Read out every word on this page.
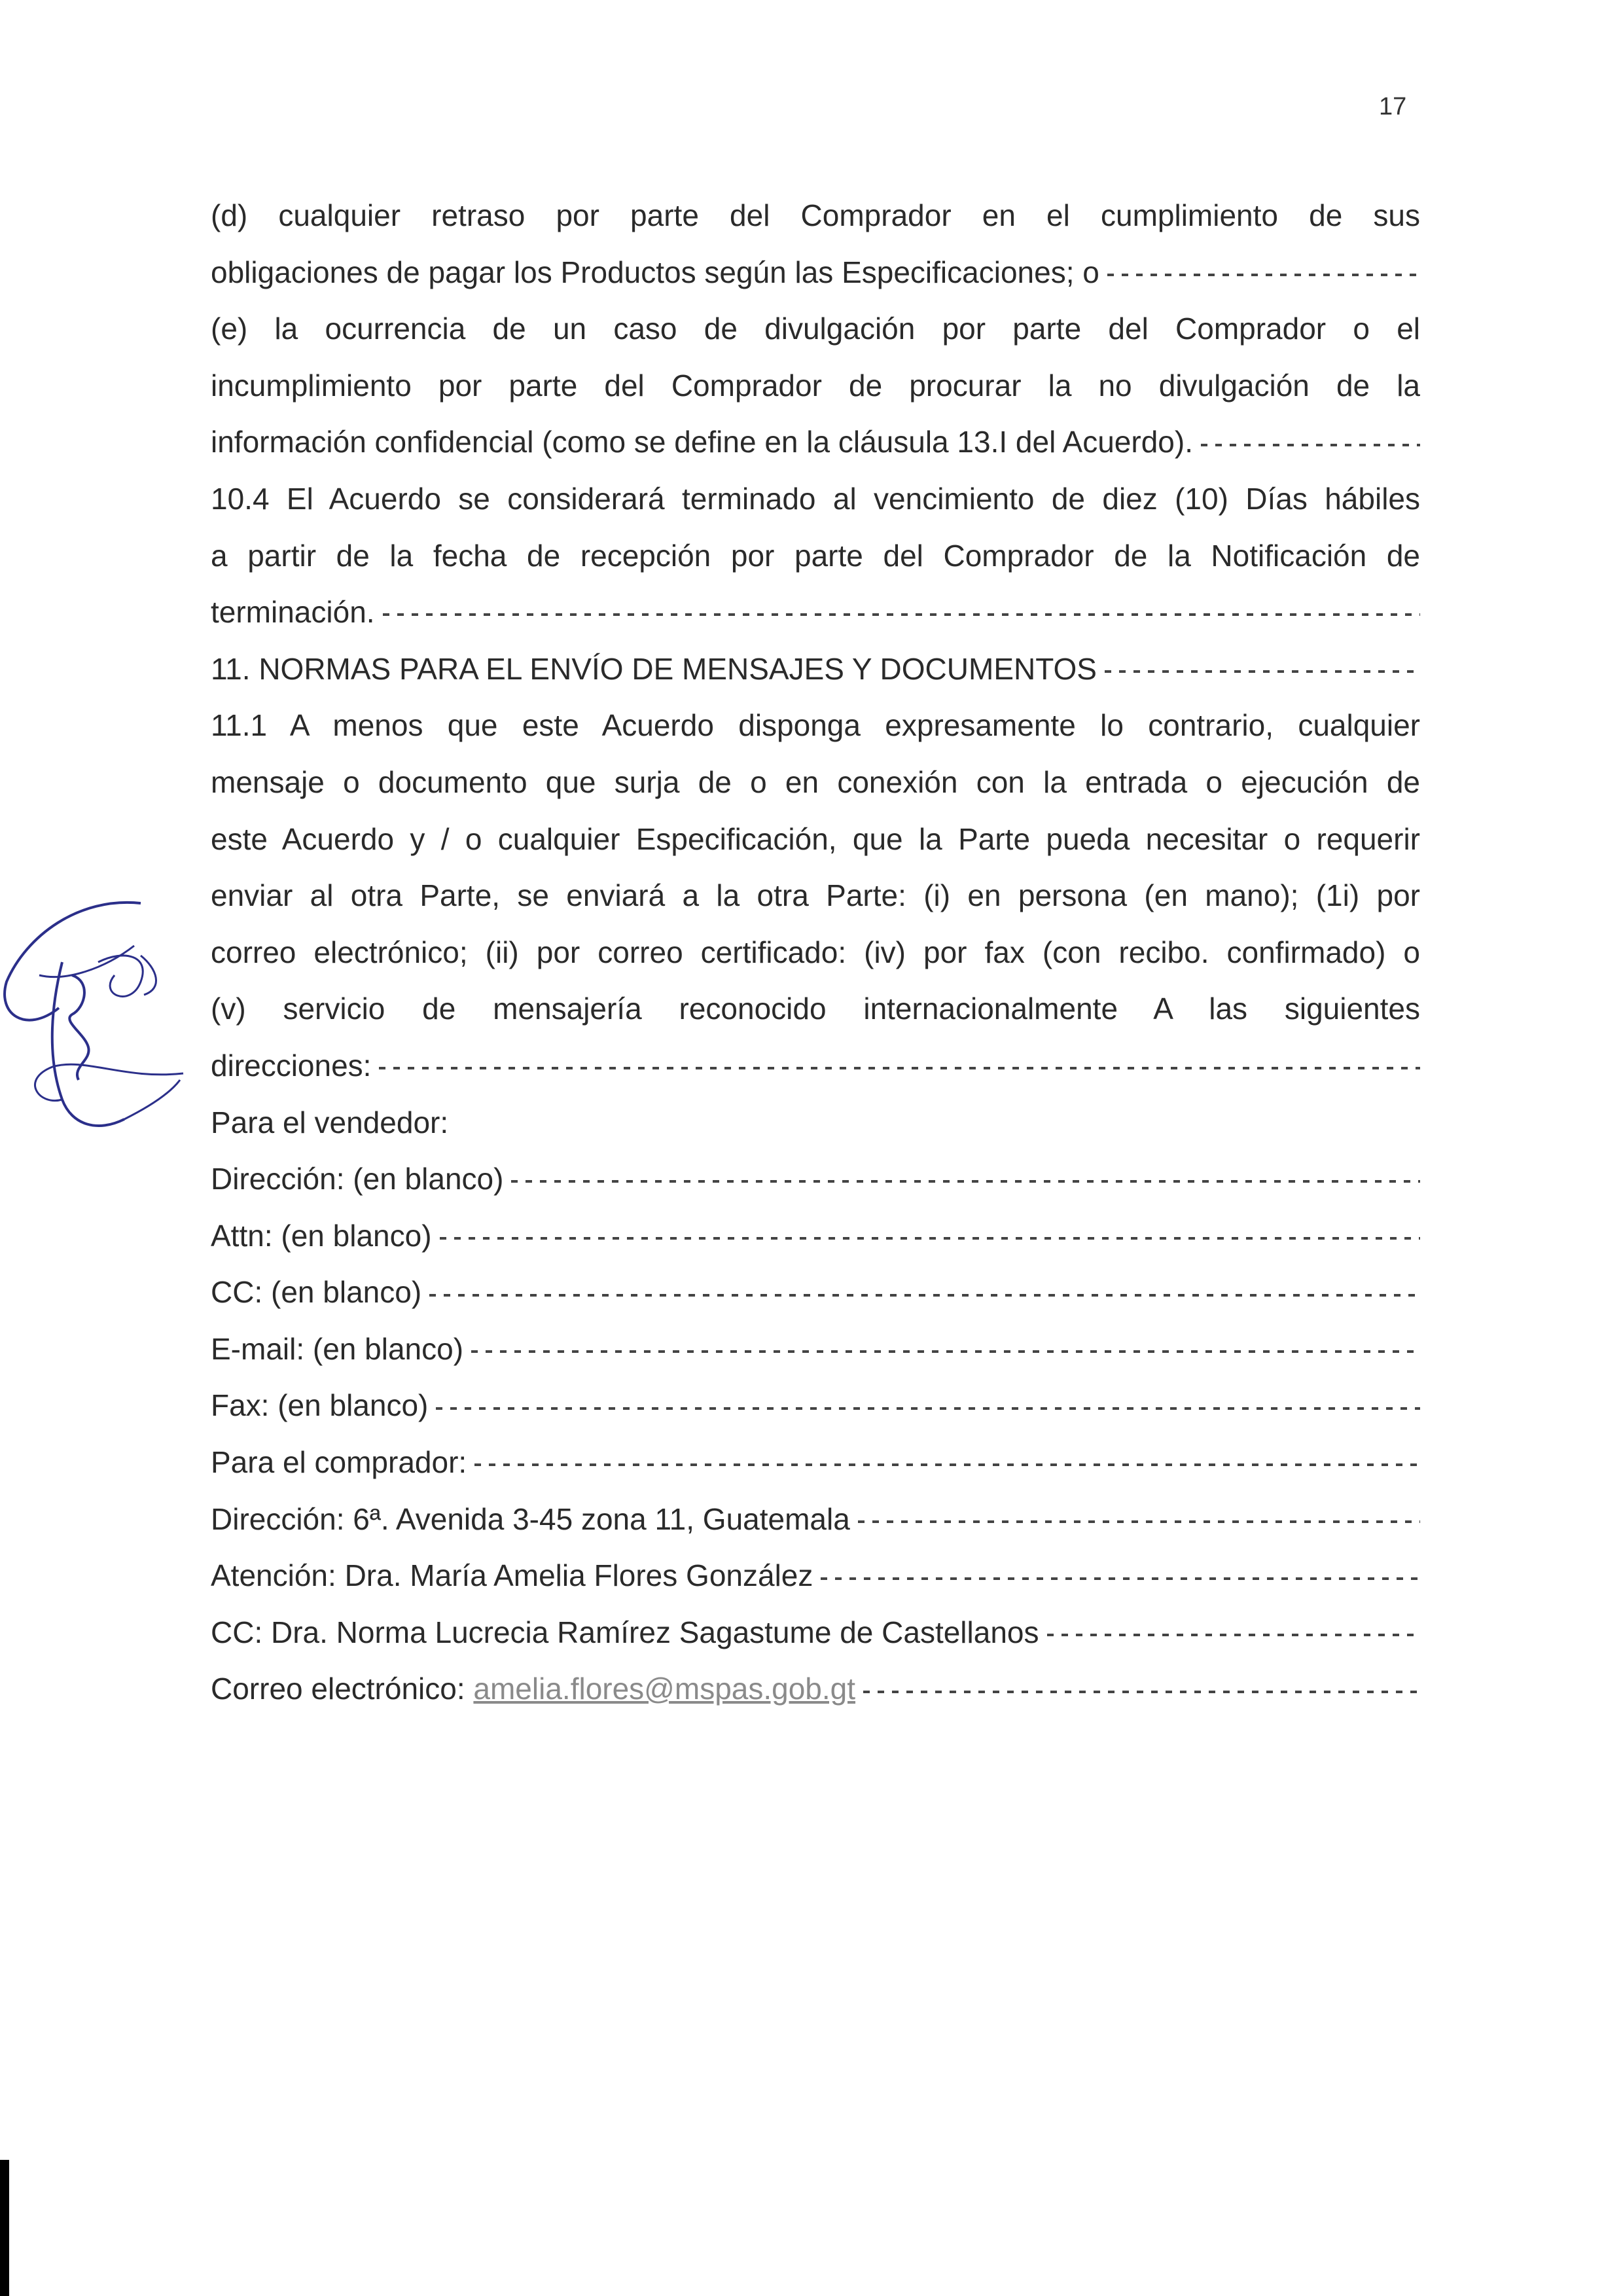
17
(d) cualquier retraso por parte del Comprador en el cumplimiento de sus
obligaciones de pagar los Productos según las Especificaciones; o
(e) la ocurrencia de un caso de divulgación por parte del Comprador o el
incumplimiento por parte del Comprador de procurar la no divulgación de la
información confidencial (como se define en la cláusula 13.I del Acuerdo).
10.4 El Acuerdo se considerará terminado al vencimiento de diez (10) Días hábiles
a partir de la fecha de recepción por parte del Comprador de la Notificación de
terminación.
11. NORMAS PARA EL ENVÍO DE MENSAJES Y DOCUMENTOS
11.1 A menos que este Acuerdo disponga expresamente lo contrario, cualquier
mensaje o documento que surja de o en conexión con la entrada o ejecución de
este Acuerdo y / o cualquier Especificación, que la Parte pueda necesitar o requerir
enviar al otra Parte, se enviará a la otra Parte: (i) en persona (en mano); (1i) por
correo electrónico; (ii) por correo certificado: (iv) por fax (con recibo. confirmado) o
(v) servicio de mensajería reconocido internacionalmente A las siguientes
direcciones:
Para el vendedor:
Dirección: (en blanco)
Attn: (en blanco)
CC: (en blanco)
E-mail: (en blanco)
Fax: (en blanco)
Para el comprador:
Dirección: 6ª. Avenida 3-45 zona 11, Guatemala
Atención: Dra. María Amelia Flores González
CC: Dra. Norma Lucrecia Ramírez Sagastume de Castellanos
Correo electrónico:
amelia.flores@mspas.gob.gt
